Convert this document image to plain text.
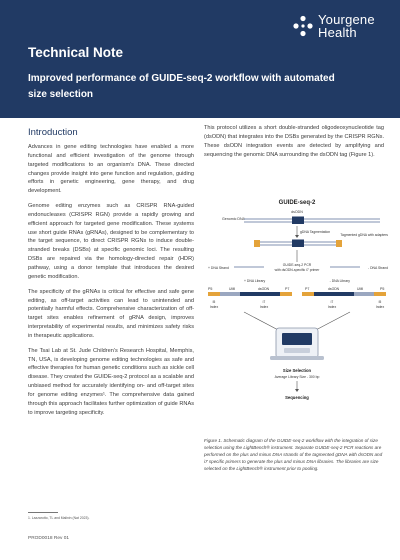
Yourgene
Health
Technical Note
Improved performance of GUIDE-seq-2 workflow with automated size selection
Introduction

Advances in gene editing technologies have enabled a more functional and efficient investigation of the genome through targeted modifications to an organism's DNA. These directed changes provide insight into gene function and regulation, guiding efforts in genetic engineering, gene therapy, and drug development.

Genome editing enzymes such as CRISPR RNA-guided endonucleases (CRISPR RGN) provide a rapidly growing and efficient approach for targeted gene modification. These systems use short guide RNAs (gRNAs), designed to be complementary to the target sequence, to direct CRISPR RGNs to induce double-stranded breaks (DSBs) at specific genomic loci. The resulting DSBs are repaired via the homology-directed repair (HDR) pathway, using a donor template that introduces the desired genetic modification.

The specificity of the gRNAs is critical for effective and safe gene editing, as off-target activities can lead to unintended and potentially harmful effects. Comprehensive characterization of off-target sites enables refinement of gRNA design, improves interpretability of experimental results, and minimizes safety risks in therapeutic applications.

The Tsai Lab at St. Jude Children's Research Hospital, Memphis, TN, USA, is developing genome editing technologies as safe and effective therapies for human genetic conditions such as sickle cell disease. They created the GUIDE-seq-2 protocol as a scalable and unbiased method for accurately identifying on- and off-target sites for genome editing enzymes¹. The comprehensive data gained through this approach facilitates further optimization of guide RNAs to improve targeting specificity.

This protocol utilizes a short double-stranded oligodeoxynucleotide tag (dsODN) that integrates into the DSBs generated by the CRISPR RGNs. These dsODN integration events are detected by amplifying and sequencing the genomic DNA surrounding the dsODN tag (Figure 1).

GUIDE-seq-2
dsODN
Genomic DNA
gDNA Tagmentation
Tagmented gDNA with adapters
+ DNA Strand	- DNA Strand
GUIDE-seq-2 PCR
with dsODN-specific i7 primer
+ DNA Library	- DNA Library
P5	UMI	dsODN	P7	P7	dsODN	UMI	P5
i5
Index
i7
Index
i7
Index
i5
Index
Size Selection
Average Library Size - 300 bp
Sequencing
Figure 1. Schematic diagram of the GUIDE-seq-2 workflow with the integration of size selection using the LightBench® instrument. Separate GUIDE-seq-2 PCR reactions are performed on the plus and minus DNA strands of the tagmented gDNA with dsODN and i7 specific primers to generate the plus and minus DNA libraries. The libraries are size selected on the LightBench® instrument prior to pooling.
1. Lazzarotto, TL and Malinin (Nat 2023).
PROD0018 Rev 01
